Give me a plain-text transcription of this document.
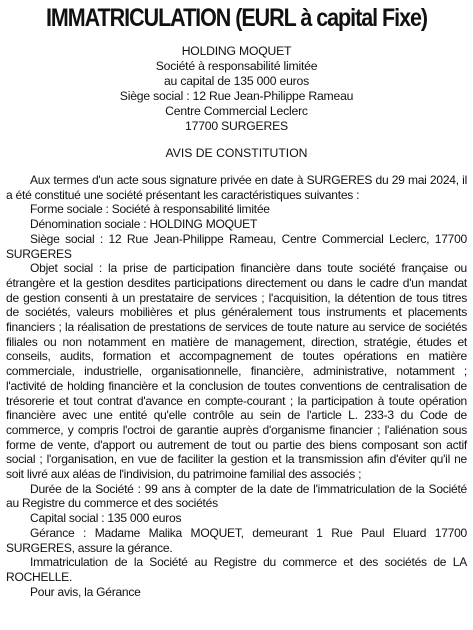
IMMATRICULATION (EURL à capital Fixe)
HOLDING MOQUET
Société à responsabilité limitée
au capital de 135 000 euros
Siège social : 12 Rue Jean-Philippe Rameau
Centre Commercial Leclerc
17700 SURGERES
AVIS DE CONSTITUTION

Aux termes d'un acte sous signature privée en date à SURGERES du 29 mai 2024, il a été constitué une société présentant les caractéristiques suivantes :

Forme sociale : Société à responsabilité limitée

Dénomination sociale : HOLDING MOQUET

Siège social : 12 Rue Jean-Philippe Rameau, Centre Commercial Leclerc, 17700 SURGERES

Objet social : la prise de participation financière dans toute société française ou étrangère et la gestion desdites participations directement ou dans le cadre d'un mandat de gestion consenti à un prestataire de services ; l'acquisition, la détention de tous titres de sociétés, valeurs mobilières et plus généralement tous instruments et placements financiers ; la réalisation de prestations de services de toute nature au service de sociétés filiales ou non notamment en matière de management, direction, stratégie, études et conseils, audits, formation et accompagnement de toutes opérations en matière commerciale, industrielle, organisationnelle, financière, administrative, notamment ; l'activité de holding financière et la conclusion de toutes conventions de centralisation de trésorerie et tout contrat d'avance en compte-courant ; la participation à toute opération financière avec une entité qu'elle contrôle au sein de l'article L. 233-3 du Code de commerce, y compris l'octroi de garantie auprès d'organisme financier ; l'aliénation sous forme de vente, d'apport ou autrement de tout ou partie des biens composant son actif social ; l'organisation, en vue de faciliter la gestion et la transmission afin d'éviter qu'il ne soit livré aux aléas de l'indivision, du patrimoine familial des associés ;

Durée de la Société : 99 ans à compter de la date de l'immatriculation de la Société au Registre du commerce et des sociétés

Capital social : 135 000 euros

Gérance : Madame Malika MOQUET, demeurant 1 Rue Paul Eluard 17700 SURGERES, assure la gérance.

Immatriculation de la Société au Registre du commerce et des sociétés de LA ROCHELLE.

Pour avis, la Gérance
